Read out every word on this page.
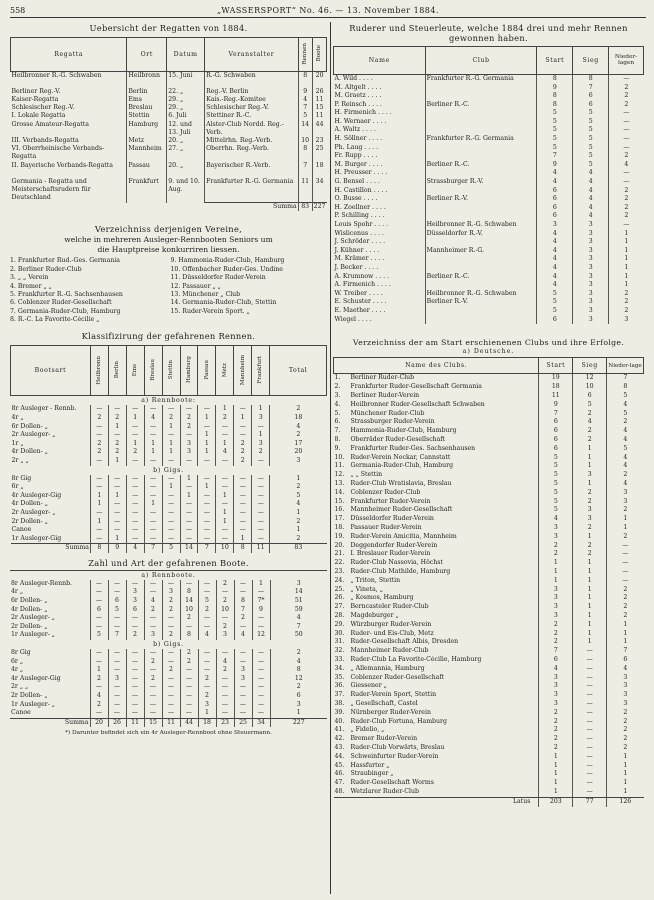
558	„WASSERSPORT“ No. 46. — 13. November 1884.
Uebersicht der Regatten von 1884.
Regatta	Ort	Datum	Veranstalter	Rennen	Boote
Heilbronner R.-G. Schwaben	Heilbronn	15. Juni	R.-G. Schwaben	8	20
Berliner Reg.-V.	Berlin	22. „	Reg.-V. Berlin	9	26
Kaiser-Regatta	Ems	29. „	Kais.-Reg.-Komitee	4	11
Schlesischer Reg.-V.	Breslau	29. „	Schlesischer Reg.-V.	7	15
I. Lokale Regatta	Stettin	6. Juli	Stettiner R.-C.	5	11
Grosse Amateur-Regatta	Hamburg	12. und 13. Juli	Alster-Club Nordd. Reg.-Verb.	14	44
III. Verbands-Regatta	Metz	20. „	Mittelrhn. Reg.-Verb.	10	23
VI. Oberrheinische Verbands-Regatta	Mannheim	27. „	Oberrhn. Reg.-Verb.	8	25
II. Bayerische Verbands-Regatta	Passau	20. „	Bayerischer R.-Verb.	7	18
Germania - Regatta und Meisterschaftsrudern für Deutschland	Frankfurt	9. und 10. Aug.	Frankfurter R.-G. Germania	11	34
			Summa	83	227
Verzeichniss derjenigen Vereine,
welche in mehreren Ausleger-Rennbooten Seniors um
die Hauptpreise konkurriren liessen.
1. Frankfurter Rud.-Ges. Germania	9. Hammonia-Ruder-Club, Hamburg
2. Berliner Ruder-Club	10. Offenbacher Ruder-Ges. Undine
3. „ „ Verein	11. Düsseldorfer Ruder-Verein
4. Bremer „ „	12. Passauer „ „
5. Frankfurter R.-G. Sachsenhausen	13. Münchener „ Club
6. Coblenzer Ruder-Gesellschaft	14. Germania-Ruder-Club, Stettin
7. Germania-Ruder-Club, Hamburg	15. Ruder-Verein Sport. „
8. R.-C. La Favorite-Cécilie „
Klassifizirung der gefahrenen Rennen.
Bootsart	Heilbronn	Berlin	Ems	Breslau	Stettin	Hamburg	Passau	Metz	Mannheim	Frankfurt	Total
a) Rennboote:											
8r Ausleger - Rennb.	—	—	—	—	—	—	—	1	—	1	2
4r „	2	2	1	4	2	2	1	2	1	3	18
6r Dollen- „	—	1	—	—	1	2	—	—	—	—	4
2r Ausleger- „	—	—	—	—	—	—	1	—	—	1	2
1r „	2	2	1	1	1	3	1	1	2	3	17
4r Dollen- „	2	2	2	1	1	3	1	4	2	2	20
2r „ „	—	1	—	—	—	—	—	—	2	—	3
b) Gigs.											
8r Gig	—	—	—	—	—	1	—	—	—	—	1
6r „	—	—	—	—	1	—	1	—	—	—	2
4r Ausleger-Gig	1	1	—	—	—	1	—	1	—	—	5
4r Dollen- „	1	—	—	1	—	—	—	—	—	—	4
2r Ausleger- „	—	—	—	—	—	—	—	1	—	—	1
2r Dollen- „	1	—	—	—	—	—	—	1	—	—	2
Canoe	—	—	—	—	—	—	—	—	—	—	1
1r Ausleger-Gig	—	1	—	—	—	—	—	—	1	—	2
Summa	8	9	4	7	5	14	7	10	8	11	83
Zahl und Art der gefahrenen Boote.
a) Rennboote.											
8r Ausleger-Rennb.	—	—	—	—	—	—	—	2	—	1	3
4r „	—	—	3	—	3	8	—	—	—	—	14
6r Dollen- „	—	6	3	4	2	14	5	2	8	7*	51
4r Dollen- „	6	5	6	2	2	10	2	10	7	9	59
2r Ausleger- „	—	—	—	—	—	2	—	—	2	—	4
2r Dollen- „	—	—	—	—	—	—	—	2	—	—	7
1r Ausleger- „	5	7	2	3	2	8	4	3	4	12	50
b) Gigs.											
8r Gig	—	—	—	—	—	2	—	—	—	—	2
6r „	—	—	—	2	—	2	—	4	—	—	4
4r „	1	—	—	—	2	—	—	2	3	—	8
4r Ausleger-Gig	2	3	—	2	—	—	2	—	3	—	12
2r „ „	—	—	—	—	—	—	—	—	—	—	2
2r Dollen- „	4	—	—	—	—	—	2	—	—	—	6
1r Ausleger- „	2	—	—	—	—	—	3	—	—	—	3
Canoe	—	—	—	—	—	—	1	—	—	—	1
Summa	20	26	11	15	11	44	18	23	25	34	227
*) Darunter befindet sich ein 4r Ausleger-Rennboot ohne Steuermann.
Ruderer und Steuerleute, welche 1884 drei und mehr Rennen
gewonnen haben.
Name	Club	Start	Sieg	Nieder-lagen
A. Wild . . . .	Frankfurter R.-G. Germania	8	8	—
M. Altgelt . . . .		9	7	2
M. Graetz . . . .		8	6	2
P. Reinsch . . . .	Berliner R.-C.	8	6	2
H. Firmenich . . . .		5	5	—
H. Wernaer . . . .		5	5	—
A. Waltz . . . .		5	5	—
H. Söllner . . . .	Frankfurter R.-G. Germania	5	5	—
Ph. Laug . . . .		5	5	—
Fr. Rupp . . . .		7	5	2
M. Burger . . . .	Berliner R.-C.	9	5	4
H. Preusser . . . .		4	4	—
G. Bensel . . . .	Strassburger R.-V.	4	4	—
H. Castillon . . . .		6	4	2
O. Busse . . . .	Berliner R.-V.	6	4	2
H. Zoellner . . . .		6	4	2
P. Schilling . . . .		6	4	2
Louis Spohr . . . .	Heilbronner R.-G. Schwaben	3	3	—
Wislicenus . . . .	Düsseldorfer R.-V.	4	3	1
J. Schröder . . . .		4	3	1
J. Kühner . . . .	Mannheimer R.-G.	4	3	1
M. Krämer . . . .		4	3	1
J. Becker . . . .		4	3	1
A. Krumnow . . . .	Berliner R.-C.	4	3	1
A. Firmenich . . . .		4	3	1
W. Treiber . . . .	Heilbronner R.-G. Schwaben	5	3	2
E. Schuster . . . .	Berliner R.-V.	5	3	2
E. Maether . . . .		5	3	2
Wiegel . . . .		6	3	3
Verzeichniss der am Start erschienenen Clubs und ihre Erfolge.
a) Deutsche.
Name des Clubs.		Start	Sieg	Nieder-lage
1.	Berliner Ruder-Club	19	12	7
2.	Frankfurter Ruder-Gesellschaft Germania	18	10	8
3.	Berliner Ruder-Verein	11	6	5
4.	Heilbronner Ruder-Gesellschaft Schwaben	9	5	4
5.	Münchener Ruder-Club	7	2	5
6.	Strassburger Ruder-Verein	6	4	2
7.	Hammonia-Ruder-Club, Hamburg	6	2	4
8.	Oberräder Ruder-Gesellschaft	6	2	4
9.	Frankfurter Ruder-Ges. Sachsenhausen	6	1	5
10.	Ruder-Verein Neckar, Cannstatt	5	1	4
11.	Germania-Ruder-Club, Hamburg	5	1	4
12.	„ „ Stettin	5	3	2
13.	Ruder-Club Wratislavia, Breslau	5	1	4
14.	Coblenzer Ruder-Club	5	2	3
15.	Frankfurter Ruder-Verein	5	2	3
16.	Mannheimer Ruder-Gesellschaft	5	3	2
17.	Düsseldorfer Ruder-Verein	4	3	1
18.	Passauer Ruder-Verein	3	2	1
19.	Ruder-Verein Amicitia, Mannheim	3	1	2
20.	Deggendorfer Ruder-Verein	2	2	—
21.	I. Breslauer Ruder-Verein	2	2	—
22.	Ruder-Club Nassovia, Höchst	1	1	—
23.	Ruder-Club Mathilde, Hamburg	1	1	—
24.	„ Triton, Stettin	1	1	—
25.	„ Vineta, „	3	1	2
26.	„ Kosmos, Hamburg	3	1	2
27.	Berncasteler Ruder-Club	3	1	2
28.	Magdeburger „	3	1	2
29.	Würzburger Ruder-Verein	2	1	1
30.	Ruder- und Eis-Club, Metz	2	1	1
31.	Ruder-Gesellschaft Albis, Dresden	2	1	1
32.	Mannheimer Ruder-Club	7	—	7
33.	Ruder-Club La Favorite-Cécilie, Hamburg	6	—	6
34.	„ Allemannia, Hamburg	4	—	4
35.	Coblenzer Ruder-Gesellschaft	3	—	3
36.	Giessener „	3	—	3
37.	Ruder-Verein Sport, Stettin	3	—	3
38.	„ Gesellschaft, Castel	3	—	3
39.	Nürnberger Ruder-Verein	2	—	2
40.	Ruder-Club Fortuna, Hamburg	2	—	2
41.	„ Fidelio, „	2	—	2
42.	Bremer Ruder-Verein	2	—	2
43.	Ruder-Club Vorwärts, Breslau	2	—	2
44.	Schweinfurter Ruder-Verein	1	—	1
45.	Hassfurter „	1	—	1
46.	Straubinger „	1	—	1
47.	Ruder-Gesellschaft Worms	1	—	1
48.	Wetzlarer Ruder-Club	1	—	1
Latus		203	77	126
